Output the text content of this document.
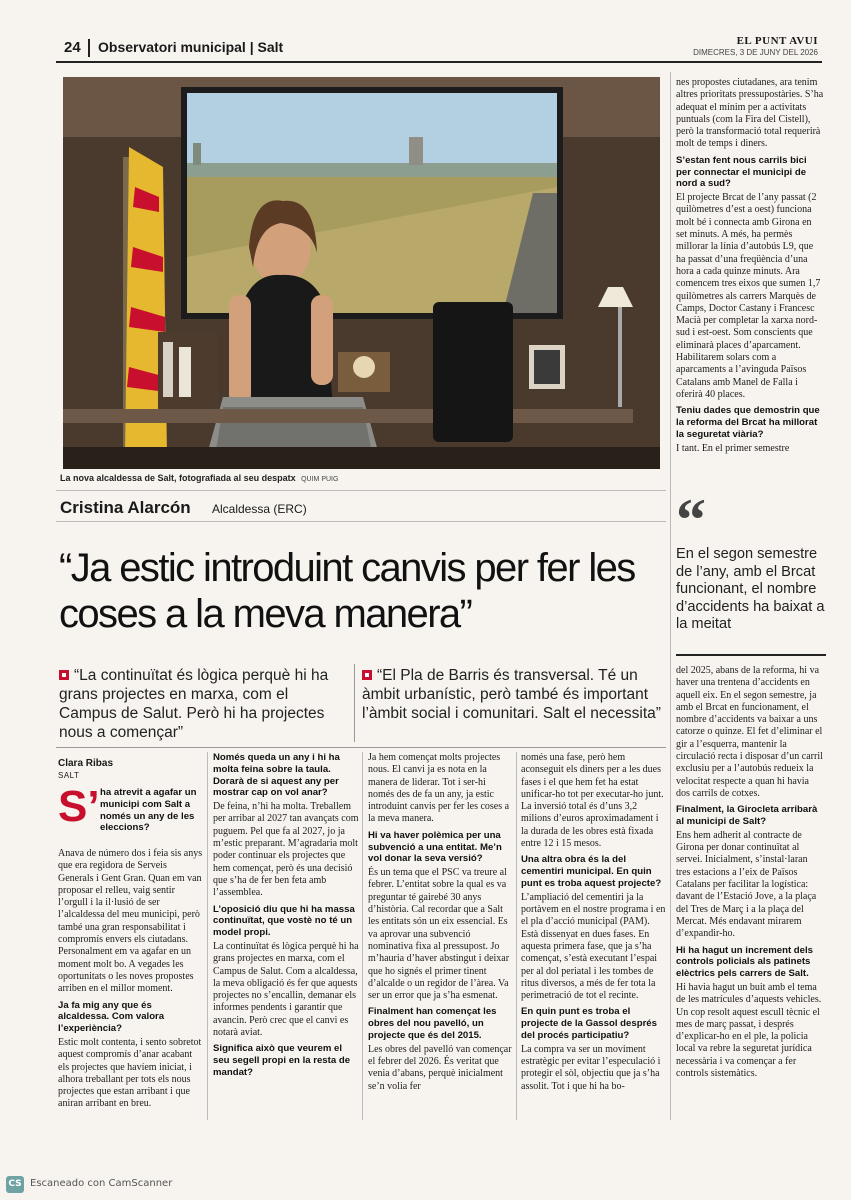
24 Observatori municipal | Salt	EL PUNT AVUI
DIMECRES, 3 DE JUNY DEL 2026
La nova alcaldessa de Salt, fotografiada al seu despatx QUIM PUIG
Cristina Alarcón Alcaldessa (ERC)
“Ja estic introduint canvis per fer les coses a la meva manera”
“La continuïtat és lògica perquè hi ha grans projectes en marxa, com el Campus de Salut. Però hi ha projectes nous a començar”
“El Pla de Barris és transversal. Té un àmbit urbanístic, però també és important l’àmbit social i comunitari. Salt el necessita”
Clara Ribas
SALT
S’ ha atrevit a agafar un municipi com Salt a només un any de les eleccions?

Anava de número dos i feia sis anys que era regidora de Serveis Generals i Gent Gran. Quan em van proposar el relleu, vaig sentir l’orgull i la il·lusió de ser l’alcaldessa del meu municipi, però també una gran responsabilitat i compromís envers els ciutadans. Personalment em va agafar en un moment molt bo. A vegades les oportunitats o les noves propostes arriben en el millor moment.

Ja fa mig any que és alcaldessa. Com valora l’experiència?

Estic molt contenta, i sento sobretot aquest compromís d’anar acabant els projectes que havíem iniciat, i alhora treballant per tots els nous projectes que estan arribant i que aniran arribant en breu.

Només queda un any i hi ha molta feina sobre la taula. Dorarà de si aquest any per mostrar cap on vol anar?

De feina, n’hi ha molta. Treballem per arribar al 2027 tan avançats com puguem. Pel que fa al 2027, jo ja m’estic preparant. M’agradaria molt poder continuar els projectes que hem començat, però és una decisió que s’ha de fer ben feta amb l’assemblea.

L’oposició diu que hi ha massa continuïtat, que vostè no té un model propi.

La continuïtat és lògica perquè hi ha grans projectes en marxa, com el Campus de Salut. Com a alcaldessa, la meva obligació és fer que aquests projectes no s’encallin, demanar els informes pendents i garantir que avancin. Però crec que el canvi es notarà aviat.

Significa això que veurem el seu segell propi en la resta de mandat?

Ja hem començat molts projectes nous. El canvi ja es nota en la manera de liderar. Tot i ser-hi només des de fa un any, ja estic introduint canvis per fer les coses a la meva manera.

Hi va haver polèmica per una subvenció a una entitat. Me’n vol donar la seva versió?

És un tema que el PSC va treure al febrer. L’entitat sobre la qual es va preguntar té gairebé 30 anys d’història. Cal recordar que a Salt les entitats són un eix essencial. Es va aprovar una subvenció nominativa fixa al pressupost. Jo m’hauria d’haver abstingut i deixar que ho signés el primer tinent d’alcalde o un regidor de l’àrea. Va ser un error que ja s’ha esmenat.

Finalment han començat les obres del nou pavelló, un projecte que és del 2015.

Les obres del pavelló van començar el febrer del 2026. És veritat que venia d’abans, perquè inicialment se’n volia fer

només una fase, però hem aconseguit els diners per a les dues fases i el que hem fet ha estat unificar-ho tot per executar-ho junt. La inversió total és d’uns 3,2 milions d’euros aproximadament i la durada de les obres està fixada entre 12 i 15 mesos.

Una altra obra és la del cementiri municipal. En quin punt es troba aquest projecte?

L’ampliació del cementiri ja la portàvem en el nostre programa i en el pla d’acció municipal (PAM). Està dissenyat en dues fases. En aquesta primera fase, que ja s’ha començat, s’està executant l’espai per al dol periatal i les tombes de ritus diversos, a més de fer tota la perimetració de tot el recinte.

En quin punt es troba el projecte de la Gassol després del procés participatiu?

La compra va ser un moviment estratègic per evitar l’especulació i protegir el sòl, objectiu que ja s’ha assolit. Tot i que hi ha bo-

nes propostes ciutadanes, ara tenim altres prioritats pressupostàries. S’ha adequat el mínim per a activitats puntuals (com la Fira del Cistell), però la transformació total requerirà molt de temps i diners.

S’estan fent nous carrils bici per connectar el municipi de nord a sud?

El projecte Brcat de l’any passat (2 quilòmetres d’est a oest) funciona molt bé i connecta amb Girona en set minuts. A més, ha permès millorar la línia d’autobús L9, que ha passat d’una freqüència d’una hora a cada quinze minuts. Ara comencem tres eixos que sumen 1,7 quilòmetres als carrers Marquès de Camps, Doctor Castany i Francesc Macià per completar la xarxa nord-sud i est-oest. Som conscients que eliminarà places d’aparcament. Habilitarem solars com a aparcaments a l’avinguda Països Catalans amb Manel de Falla i oferirà 40 places.

Teniu dades que demostrin que la reforma del Brcat ha millorat la seguretat viària?

I tant. En el primer semestre

“
En el segon semestre de l’any, amb el Brcat funcionant, el nombre d’accidents ha baixat a la meitat

del 2025, abans de la reforma, hi va haver una trentena d’accidents en aquell eix. En el segon semestre, ja amb el Brcat en funcionament, el nombre d’accidents va baixar a uns catorze o quinze. El fet d’eliminar el gir a l’esquerra, mantenir la circulació recta i disposar d’un carril exclusiu per a l’autobús redueix la velocitat respecte a quan hi havia dos carrils de cotxes.

Finalment, la Girocleta arribarà al municipi de Salt?

Ens hem adherit al contracte de Girona per donar continuïtat al servei. Inicialment, s’instal·laran tres estacions a l’eix de Països Catalans per facilitar la logística: davant de l’Estació Jove, a la plaça del Tres de Març i a la plaça del Mercat. Més endavant mirarem d’expandir-ho.

Hi ha hagut un increment dels controls policials als patinets elèctrics pels carrers de Salt.

Hi havia hagut un buit amb el tema de les matrícules d’aquests vehicles. Un cop resolt aquest escull tècnic el mes de març passat, i després d’explicar-ho en el ple, la policia local va rebre la seguretat jurídica necessària i va començar a fer controls sistemàtics.

CS Escaneado con CamScanner
